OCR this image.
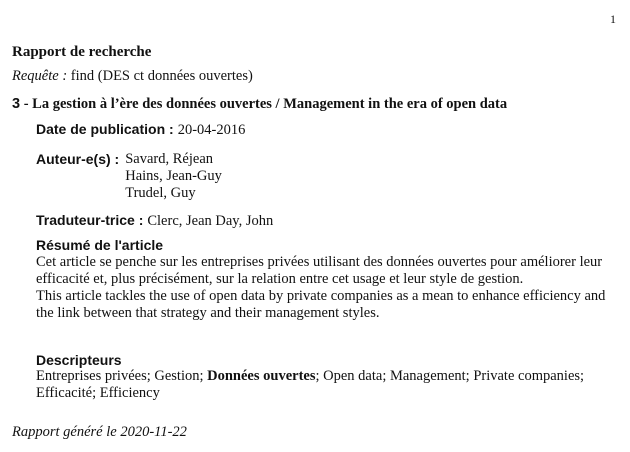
1
Rapport de recherche
Requête : find (DES ct données ouvertes)
3 - La gestion à l’ère des données ouvertes / Management in the era of open data
Date de publication : 20-04-2016
Auteur-e(s) : Savard, Réjean
Hains, Jean-Guy
Trudel, Guy
Traduteur-trice : Clerc, Jean Day, John
Résumé de l'article
Cet article se penche sur les entreprises privées utilisant des données ouvertes pour améliorer leur efficacité et, plus précisément, sur la relation entre cet usage et leur style de gestion.
This article tackles the use of open data by private companies as a mean to enhance efficiency and the link between that strategy and their management styles.
Descripteurs
Entreprises privées; Gestion; Données ouvertes; Open data; Management; Private companies; Efficacité; Efficiency
Rapport généré le 2020-11-22
